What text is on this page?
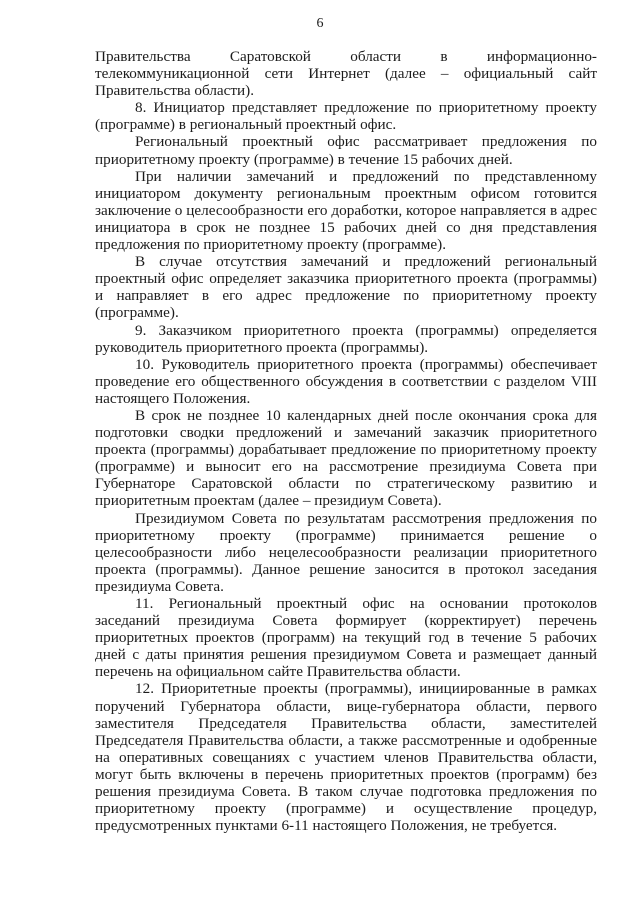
6

Правительства Саратовской области в информационно-телекоммуникационной сети Интернет (далее – официальный сайт Правительства области).

8. Инициатор представляет предложение по приоритетному проекту (программе) в региональный проектный офис.

Региональный проектный офис рассматривает предложения по приоритетному проекту (программе) в течение 15 рабочих дней.

При наличии замечаний и предложений по представленному инициатором документу региональным проектным офисом готовится заключение о целесообразности его доработки, которое направляется в адрес инициатора в срок не позднее 15 рабочих дней со дня представления предложения по приоритетному проекту (программе).

В случае отсутствия замечаний и предложений региональный проектный офис определяет заказчика приоритетного проекта (программы) и направляет в его адрес предложение по приоритетному проекту (программе).

9. Заказчиком приоритетного проекта (программы) определяется руководитель приоритетного проекта (программы).

10. Руководитель приоритетного проекта (программы) обеспечивает проведение его общественного обсуждения в соответствии с разделом VIII настоящего Положения.

В срок не позднее 10 календарных дней после окончания срока для подготовки сводки предложений и замечаний заказчик приоритетного проекта (программы) дорабатывает предложение по приоритетному проекту (программе) и выносит его на рассмотрение президиума Совета при Губернаторе Саратовской области по стратегическому развитию и приоритетным проектам (далее – президиум Совета).

Президиумом Совета по результатам рассмотрения предложения по приоритетному проекту (программе) принимается решение о целесообразности либо нецелесообразности реализации приоритетного проекта (программы). Данное решение заносится в протокол заседания президиума Совета.

11. Региональный проектный офис на основании протоколов заседаний президиума Совета формирует (корректирует) перечень приоритетных проектов (программ) на текущий год в течение 5 рабочих дней с даты принятия решения президиумом Совета и размещает данный перечень на официальном сайте Правительства области.

12. Приоритетные проекты (программы), инициированные в рамках поручений Губернатора области, вице-губернатора области, первого заместителя Председателя Правительства области, заместителей Председателя Правительства области, а также рассмотренные и одобренные на оперативных совещаниях с участием членов Правительства области, могут быть включены в перечень приоритетных проектов (программ) без решения президиума Совета. В таком случае подготовка предложения по приоритетному проекту (программе) и осуществление процедур, предусмотренных пунктами 6-11 настоящего Положения, не требуется.
